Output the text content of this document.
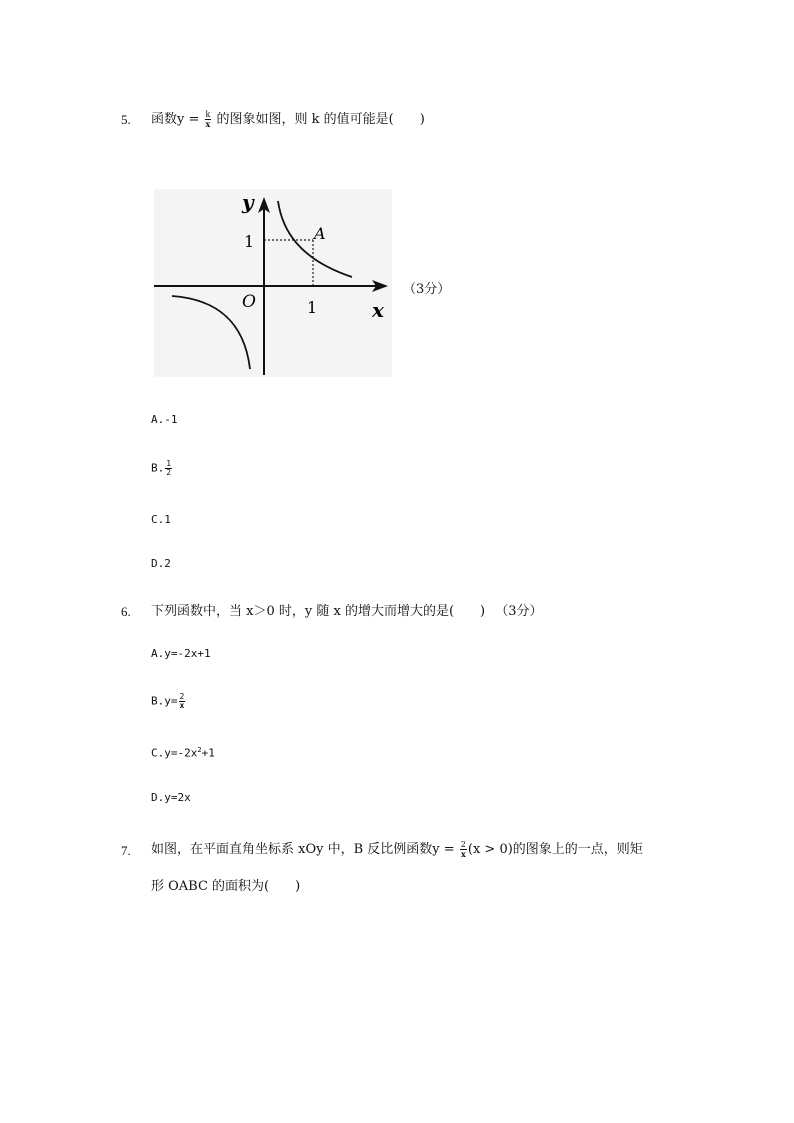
5. 函数$y = \frac{k}{x}$ 的图象如图，则 k 的值可能是( )
y
x
O
A
1
1
（3分）
A.-1
B. $\frac{1}{2}$
C.1
D.2
6. 下列函数中，当 x＞0 时，y 随 x 的增大而增大的是( ) （3分）
A.y=-2x+1
$B.y= \frac{2}{x}$
$C.y=-2x^2+1$
D.y=2x
7. 如图，在平面直角坐标系 xOy 中，B 反比例函数$y = \frac{2}{x} (x > 0)$的图象上的一点，则矩
形 OABC 的面积为( )
